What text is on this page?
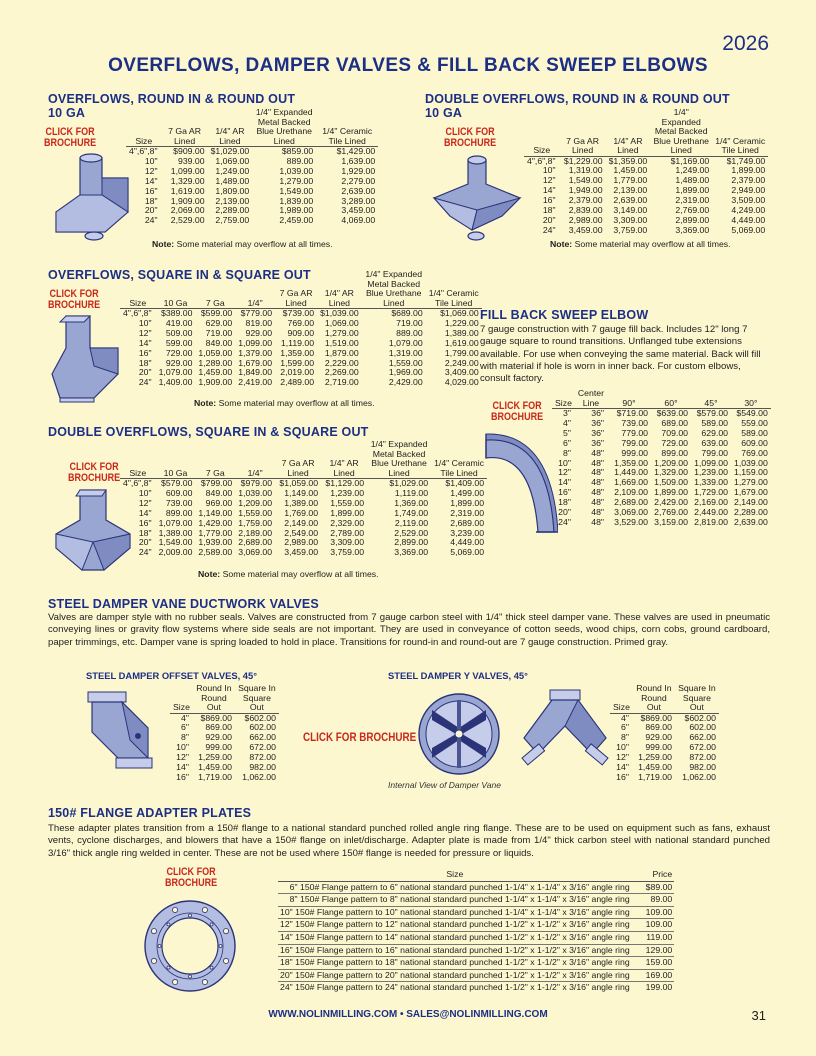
2026
OVERFLOWS, DAMPER VALVES & FILL BACK SWEEP ELBOWS
OVERFLOWS, ROUND IN & ROUND OUT
10 GA
CLICK FOR
BROCHURE	Size	7 Ga AR Lined	1/4" AR Lined	1/4" Expanded Metal Backed Blue Urethane Lined	1/4" Ceramic Tile Lined
4",6",8"	$909.00	$1,029.00	$859.00	$1,429.00
10"	939.00	1,069.00	889.00	1,639.00
12"	1,099.00	1,249.00	1,039.00	1,929.00
14"	1,329.00	1,489.00	1,279.00	2,279.00
16"	1,619.00	1,809.00	1,549.00	2,639.00
18"	1,909.00	2,139.00	1,839.00	3,289.00
20"	2,069.00	2,289.00	1,989.00	3,459.00
24"	2,529.00	2,759.00	2,459.00	4,069.00
Note: Some material may overflow at all times.
DOUBLE OVERFLOWS, ROUND IN & ROUND OUT
10 GA
CLICK FOR
BROCHURE
Size	7 Ga AR Lined	1/4" AR Lined	1/4" Expanded Metal Backed Blue Urethane Lined	1/4" Ceramic Tile Lined
4",6",8"	$1,229.00	$1,359.00	$1,169.00	$1,749.00
10"	1,319.00	1,459.00	1,249.00	1,899.00
12"	1,549.00	1,779.00	1,489.00	2,379.00
14"	1,949.00	2,139.00	1,899.00	2,949.00
16"	2,379.00	2,639.00	2,319.00	3,509.00
18"	2,839.00	3,149.00	2,769.00	4,249.00
20"	2,989.00	3,309.00	2,899.00	4,449.00
24"	3,459.00	3,759.00	3,369.00	5,069.00
Note: Some material may overflow at all times.
OVERFLOWS, SQUARE IN & SQUARE OUT
CLICK FOR
BROCHURE	Size	10 Ga	7 Ga	1/4"	7 Ga AR Lined	1/4" AR Lined	1/4" Expanded Metal Backed Blue Urethane Lined	1/4" Ceramic Tile Lined
4",6",8"	$389.00	$599.00	$779.00	$739.00	$1,039.00	$689.00	$1,069.00
10"	419.00	629.00	819.00	769.00	1,069.00	719.00	1,229.00
12"	509.00	719.00	929.00	909.00	1,279.00	889.00	1,389.00
14"	599.00	849.00	1,099.00	1,119.00	1,519.00	1,079.00	1,619.00
16"	729.00	1,059.00	1,379.00	1,359.00	1,879.00	1,319.00	1,799.00
18"	929.00	1,289.00	1,679.00	1,599.00	2,229.00	1,559.00	2,249.00
20"	1,079.00	1,459.00	1,849.00	2,019.00	2,269.00	1,969.00	3,409.00
24"	1,409.00	1,909.00	2,419.00	2,489.00	2,719.00	2,429.00	4,029.00
Note: Some material may overflow at all times.
DOUBLE OVERFLOWS, SQUARE IN & SQUARE OUT
CLICK FOR
BROCHURE Size	10 Ga	7 Ga	1/4"	7 Ga AR Lined	1/4" AR Lined	1/4" Expanded Metal Backed Blue Urethane Lined	1/4" Ceramic Tile Lined
4",6",8"	$579.00	$799.00	$979.00	$1,059.00	$1,129.00	$1,029.00	$1,409.00
10"	609.00	849.00	1,039.00	1,149.00	1,239.00	1,119.00	1,499.00
12"	739.00	969.00	1,209.00	1,389.00	1,559.00	1,369.00	1,899.00
14"	899.00	1,149.00	1,559.00	1,769.00	1,899.00	1,749.00	2,319.00
16"	1,079.00	1,429.00	1,759.00	2,149.00	2,329.00	2,119.00	2,689.00
18"	1,389.00	1,779.00	2,189.00	2,549.00	2,789.00	2,529.00	3,239.00
20"	1,549.00	1,939.00	2,689.00	2,989.00	3,309.00	2,899.00	4,449.00
24"	2,009.00	2,589.00	3,069.00	3,459.00	3,759.00	3,369.00	5,069.00
Note: Some material may overflow at all times.
FILL BACK SWEEP ELBOW
7 gauge construction with 7 gauge fill back. Includes 12" long 7 gauge square to round transitions. Unflanged tube extensions available. For use when conveying the same material. Back will fill with material if hole is worn in inner back. For custom elbows, consult factory.
CLICK FOR
BROCHURE
Size	Center Line	90°	60°	45°	30°
3"	36"	$719.00	$639.00	$579.00	$549.00
4"	36"	739.00	689.00	589.00	559.00
5"	36"	779.00	709.00	629.00	589.00
6"	36"	799.00	729.00	639.00	609.00
8"	48"	999.00	899.00	799.00	769.00
10"	48"	1,359.00	1,209.00	1,099.00	1,039.00
12"	48"	1,449.00	1,329.00	1,239.00	1,159.00
14"	48"	1,669.00	1,509.00	1,339.00	1,279.00
16"	48"	2,109.00	1,899.00	1,729.00	1,679.00
18"	48"	2,689.00	2,429.00	2,169.00	2,149.00
20"	48"	3,069.00	2,769.00	2,449.00	2,289.00
24"	48"	3,529.00	3,159.00	2,819.00	2,639.00
STEEL DAMPER VANE DUCTWORK VALVES
Valves are damper style with no rubber seals. Valves are constructed from 7 gauge carbon steel with 1/4" thick steel damper vane. These valves are used in pneumatic conveying lines or gravity flow systems where side seals are not important. They are used in conveyance of cotton seeds, wood chips, corn cobs, ground cardboard, paper trimmings, etc. Damper vane is spring loaded to hold in place. Transitions for round-in and round-out are 7 gauge construction. Primed gray.
STEEL DAMPER OFFSET VALVES, 45°
Size	Round In Round Out	Square In Square Out
4"	$869.00	$602.00
6"	869.00	602.00
8"	929.00	662.00
10"	999.00	672.00
12"	1,259.00	872.00
14"	1,459.00	982.00
16"	1,719.00	1,062.00
STEEL DAMPER Y VALVES, 45°
CLICK FOR BROCHURE
Internal View of Damper Vane
Size	Round In Round Out	Square In Square Out
4"	$869.00	$602.00
6"	869.00	602.00
8"	929.00	662.00
10"	999.00	672.00
12"	1,259.00	872.00
14"	1,459.00	982.00
16"	1,719.00	1,062.00
150# FLANGE ADAPTER PLATES
These adapter plates transition from a 150# flange to a national standard punched rolled angle ring flange. These are to be used on equipment such as fans, exhaust vents, cyclone discharges, and blowers that have a 150# flange on inlet/discharge. Adapter plate is made from 1/4" thick carbon steel with national standard punched 3/16" thick angle ring welded in center. These are not be used where 150# flange is needed for pressure or liquids.
CLICK FOR
BROCHURE
Size	Price
6" 150# Flange pattern to 6" national standard punched 1-1/4" x 1-1/4" x 3/16" angle ring	$89.00
8" 150# Flange pattern to 8" national standard punched 1-1/4" x 1-1/4" x 3/16" angle ring	89.00
10" 150# Flange pattern to 10" national standard punched 1-1/4" x 1-1/4" x 3/16" angle ring	109.00
12" 150# Flange pattern to 12" national standard punched 1-1/2" x 1-1/2" x 3/16" angle ring	109.00
14" 150# Flange pattern to 14" national standard punched 1-1/2" x 1-1/2" x 3/16" angle ring	119.00
16" 150# Flange pattern to 16" national standard punched 1-1/2" x 1-1/2" x 3/16" angle ring	129.00
18" 150# Flange pattern to 18" national standard punched 1-1/2" x 1-1/2" x 3/16" angle ring	159.00
20" 150# Flange pattern to 20" national standard punched 1-1/2" x 1-1/2" x 3/16" angle ring	169.00
24" 150# Flange pattern to 24" national standard punched 1-1/2" x 1-1/2" x 3/16" angle ring	199.00
WWW.NOLINMILLING.COM • SALES@NOLINMILLING.COM	31
